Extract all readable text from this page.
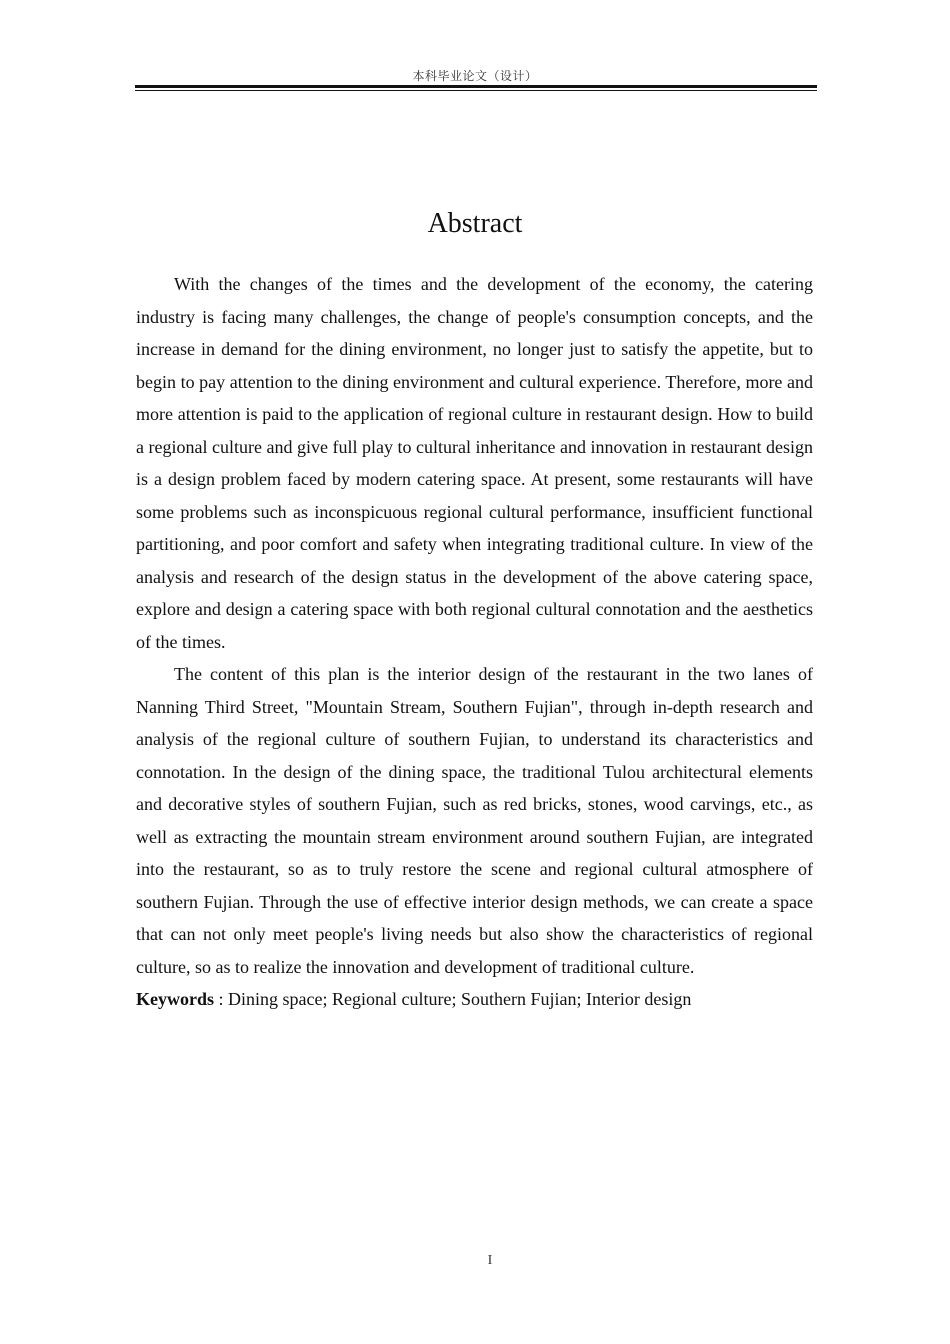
本科毕业论文（设计）
Abstract

With the changes of the times and the development of the economy, the catering industry is facing many challenges, the change of people's consumption concepts, and the increase in demand for the dining environment, no longer just to satisfy the appetite, but to begin to pay attention to the dining environment and cultural experience. Therefore, more and more attention is paid to the application of regional culture in restaurant design. How to build a regional culture and give full play to cultural inheritance and innovation in restaurant design is a design problem faced by modern catering space. At present, some restaurants will have some problems such as inconspicuous regional cultural performance, insufficient functional partitioning, and poor comfort and safety when integrating traditional culture. In view of the analysis and research of the design status in the development of the above catering space, explore and design a catering space with both regional cultural connotation and the aesthetics of the times.

The content of this plan is the interior design of the restaurant in the two lanes of Nanning Third Street, "Mountain Stream, Southern Fujian", through in-depth research and analysis of the regional culture of southern Fujian, to understand its characteristics and connotation. In the design of the dining space, the traditional Tulou architectural elements and decorative styles of southern Fujian, such as red bricks, stones, wood carvings, etc., as well as extracting the mountain stream environment around southern Fujian, are integrated into the restaurant, so as to truly restore the scene and regional cultural atmosphere of southern Fujian. Through the use of effective interior design methods, we can create a space that can not only meet people's living needs but also show the characteristics of regional culture, so as to realize the innovation and development of traditional culture.

Keywords : Dining space; Regional culture; Southern Fujian; Interior design

I
